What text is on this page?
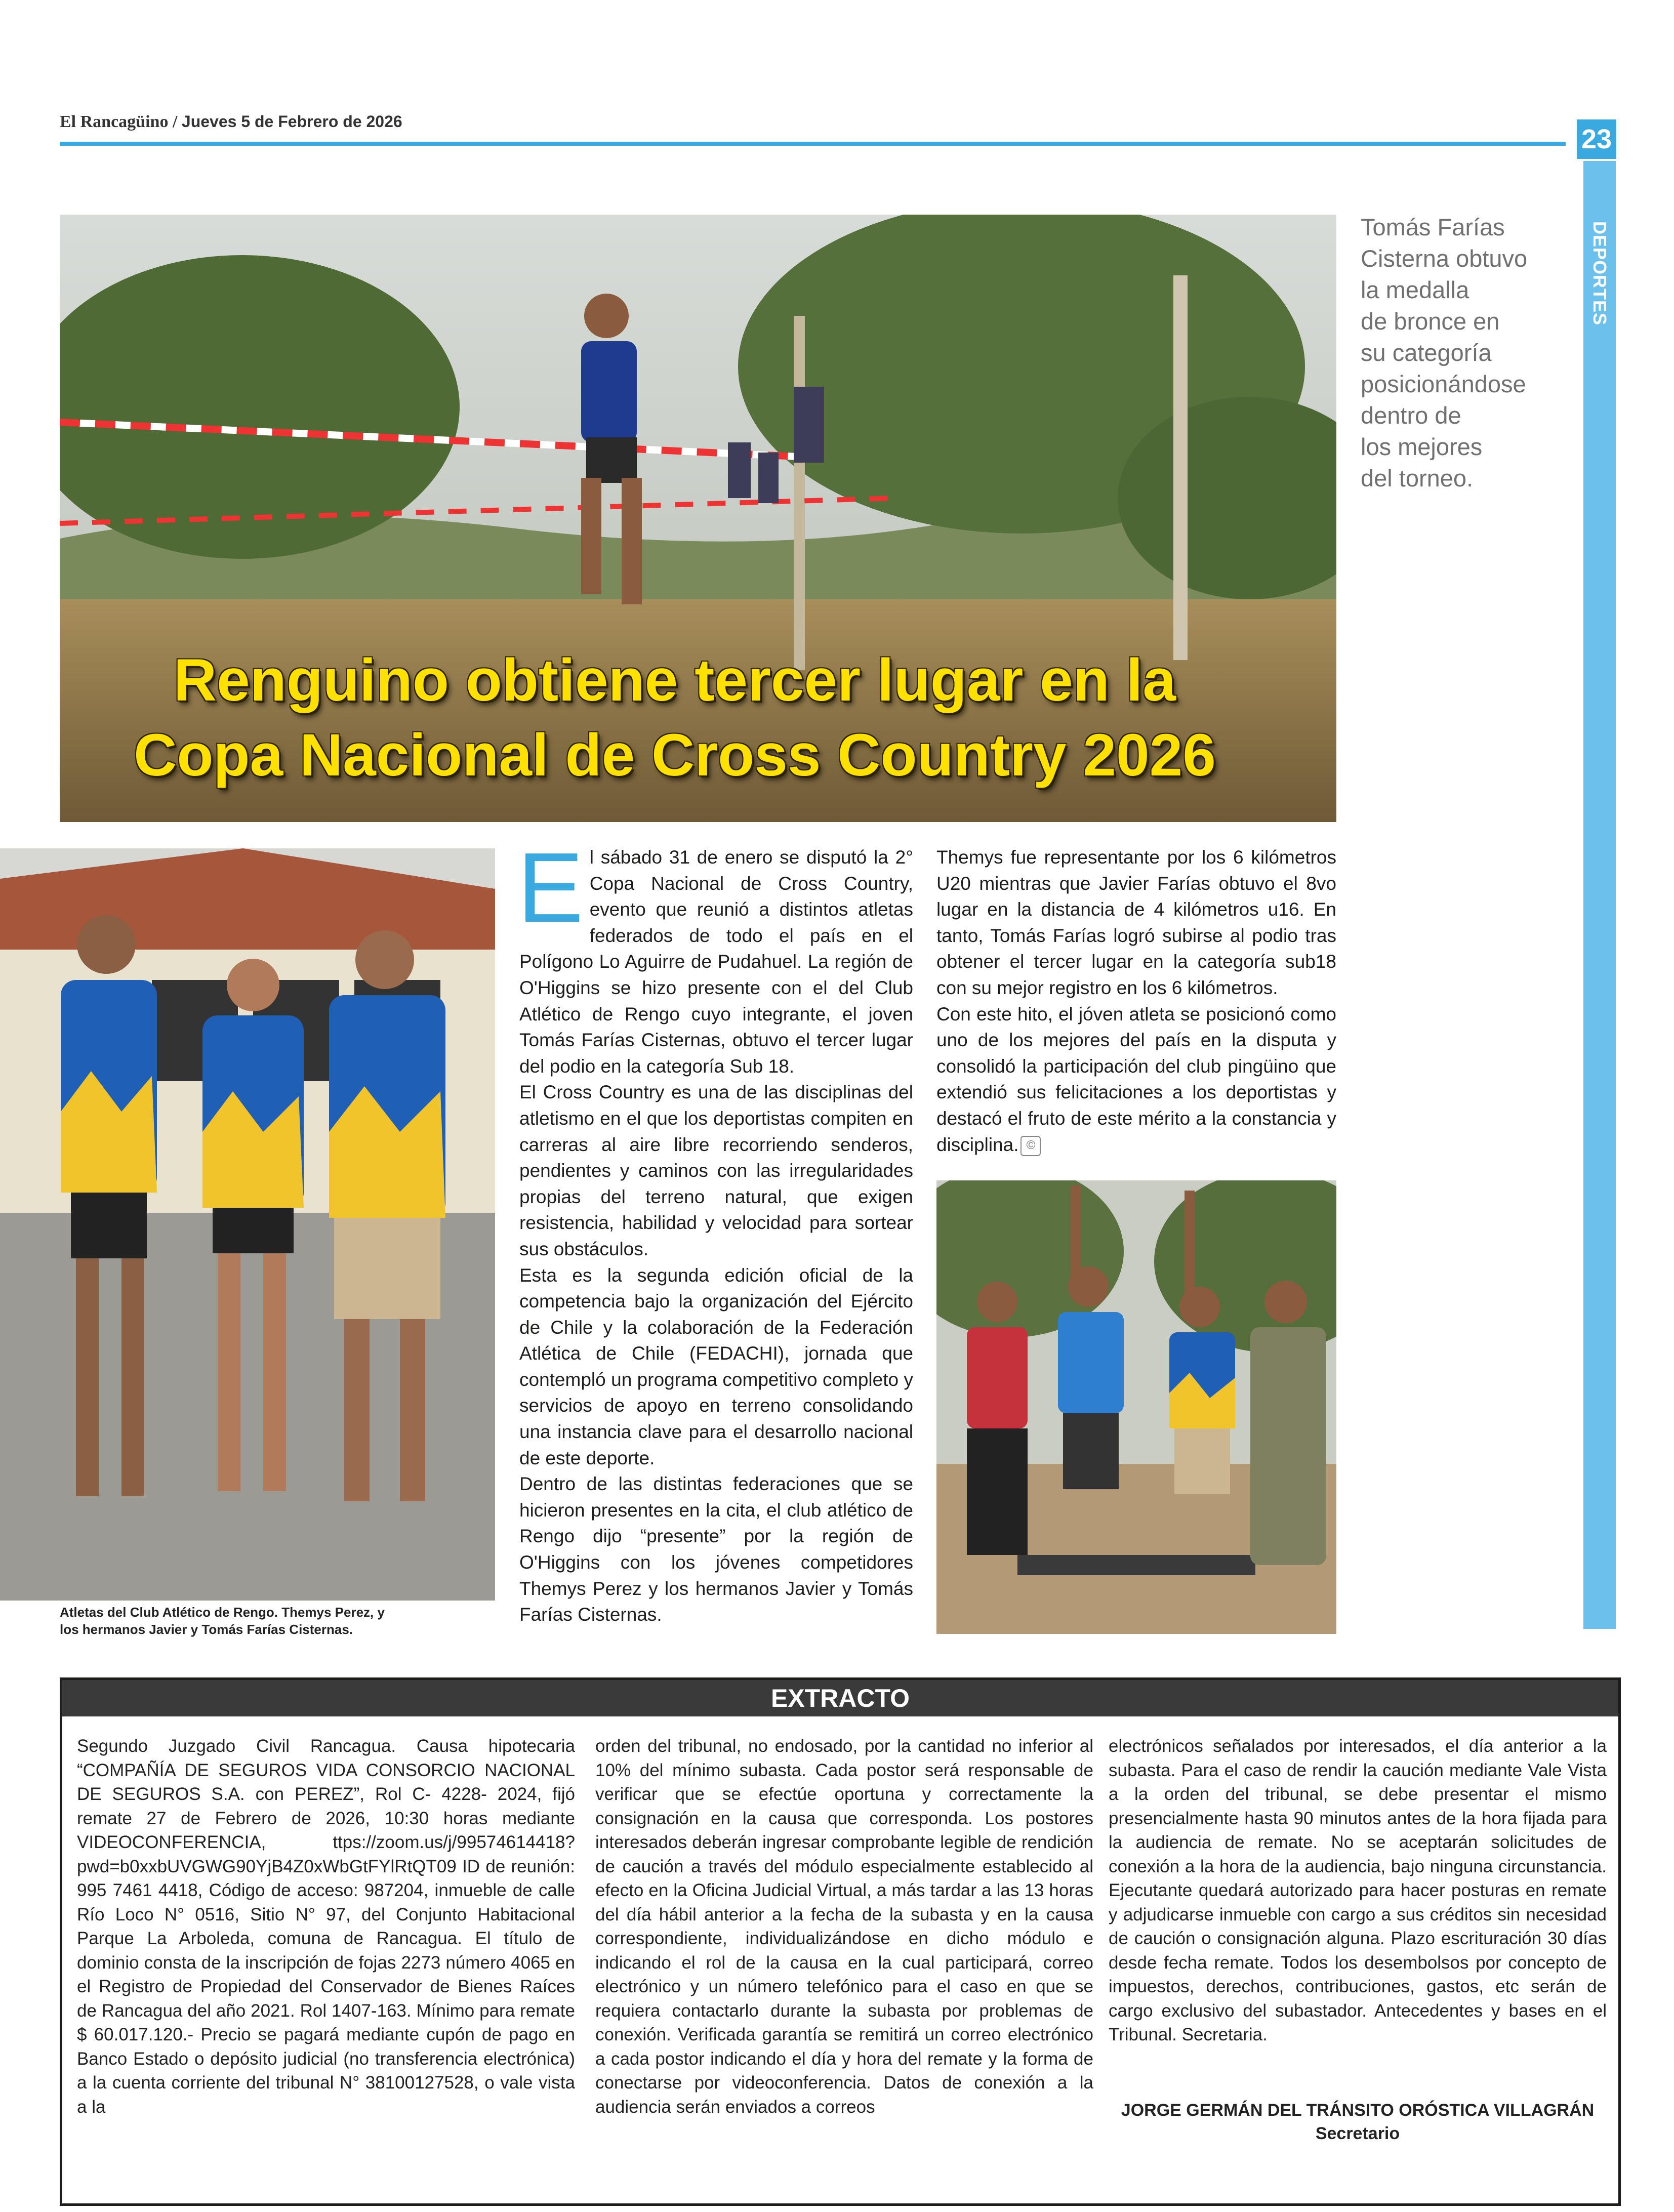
El Rancagüino / Jueves 5 de Febrero de 2026
23
DEPORTES
Renguino obtiene tercer lugar en la
Copa Nacional de Cross Country 2026
Tomás Farías
Cisterna obtuvo
la medalla
de bronce en
su categoría
posicionándose
dentro de
los mejores
del torneo.
Atletas del Club Atlético de Rengo. Themys Perez, y
los hermanos Javier y Tomás Farías Cisternas.

El sábado 31 de enero se disputó la 2° Copa Nacional de Cross Country, evento que reunió a distintos atletas federados de todo el país en el Polígono Lo Aguirre de Pudahuel. La región de O'Higgins se hizo presente con el del Club Atlético de Rengo cuyo integrante, el joven Tomás Farías Cisternas, obtuvo el tercer lugar del podio en la categoría Sub 18.

El Cross Country es una de las disciplinas del atletismo en el que los deportistas compiten en carreras al aire libre recorriendo senderos, pendientes y caminos con las irregularidades propias del terreno natural, que exigen resistencia, habilidad y velocidad para sortear sus obstáculos.

Esta es la segunda edición oficial de la competencia bajo la organización del Ejército de Chile y la colaboración de la Federación Atlética de Chile (FEDACHI), jornada que contempló un programa competitivo completo y servicios de apoyo en terreno consolidando una instancia clave para el desarrollo nacional de este deporte.

Dentro de las distintas federaciones que se hicieron presentes en la cita, el club atlético de Rengo dijo “presente” por la región de O'Higgins con los jóvenes competidores Themys Perez y los hermanos Javier y Tomás Farías Cisternas.

Themys fue representante por los 6 kilómetros U20 mientras que Javier Farías obtuvo el 8vo lugar en la distancia de 4 kilómetros u16. En tanto, Tomás Farías logró subirse al podio tras obtener el tercer lugar en la categoría sub18 con su mejor registro en los 6 kilómetros.

Con este hito, el jóven atleta se posicionó como uno de los mejores del país en la disputa y consolidó la participación del club pingüino que extendió sus felicitaciones a los deportistas y destacó el fruto de este mérito a la constancia y disciplina. ©

EXTRACTO
Segundo Juzgado Civil Rancagua. Causa hipotecaria “COMPAÑÍA DE SEGUROS VIDA CONSORCIO NACIONAL DE SEGUROS S.A. con PEREZ”, Rol C- 4228- 2024, fijó remate 27 de Febrero de 2026, 10:30 horas mediante VIDEOCONFERENCIA, ttps://zoom.us/j/99574614418?pwd=b0xxbUVGWG90YjB4Z0xWbGtFYlRtQT09 ID de reunión: 995 7461 4418, Código de acceso: 987204, inmueble de calle Río Loco N° 0516, Sitio N° 97, del Conjunto Habitacional Parque La Arboleda, comuna de Rancagua. El título de dominio consta de la inscripción de fojas 2273 número 4065 en el Registro de Propiedad del Conservador de Bienes Raíces de Rancagua del año 2021. Rol 1407-163. Mínimo para remate $ 60.017.120.- Precio se pagará mediante cupón de pago en Banco Estado o depósito judicial (no transferencia electrónica) a la cuenta corriente del tribunal N° 38100127528, o vale vista a la
orden del tribunal, no endosado, por la cantidad no inferior al 10% del mínimo subasta. Cada postor será responsable de verificar que se efectúe oportuna y correctamente la consignación en la causa que corresponda. Los postores interesados deberán ingresar comprobante legible de rendición de caución a través del módulo especialmente establecido al efecto en la Oficina Judicial Virtual, a más tardar a las 13 horas del día hábil anterior a la fecha de la subasta y en la causa correspondiente, individualizándose en dicho módulo e indicando el rol de la causa en la cual participará, correo electrónico y un número telefónico para el caso en que se requiera contactarlo durante la subasta por problemas de conexión. Verificada garantía se remitirá un correo electrónico a cada postor indicando el día y hora del remate y la forma de conectarse por videoconferencia. Datos de conexión a la audiencia serán enviados a correos
electrónicos señalados por interesados, el día anterior a la subasta. Para el caso de rendir la caución mediante Vale Vista a la orden del tribunal, se debe presentar el mismo presencialmente hasta 90 minutos antes de la hora fijada para la audiencia de remate. No se aceptarán solicitudes de conexión a la hora de la audiencia, bajo ninguna circunstancia. Ejecutante quedará autorizado para hacer posturas en remate y adjudicarse inmueble con cargo a sus créditos sin necesidad de caución o consignación alguna. Plazo escrituración 30 días desde fecha remate. Todos los desembolsos por concepto de impuestos, derechos, contribuciones, gastos, etc serán de cargo exclusivo del subastador. Antecedentes y bases en el Tribunal. Secretaria.
JORGE GERMÁN DEL TRÁNSITO ORÓSTICA VILLAGRÁN
Secretario
